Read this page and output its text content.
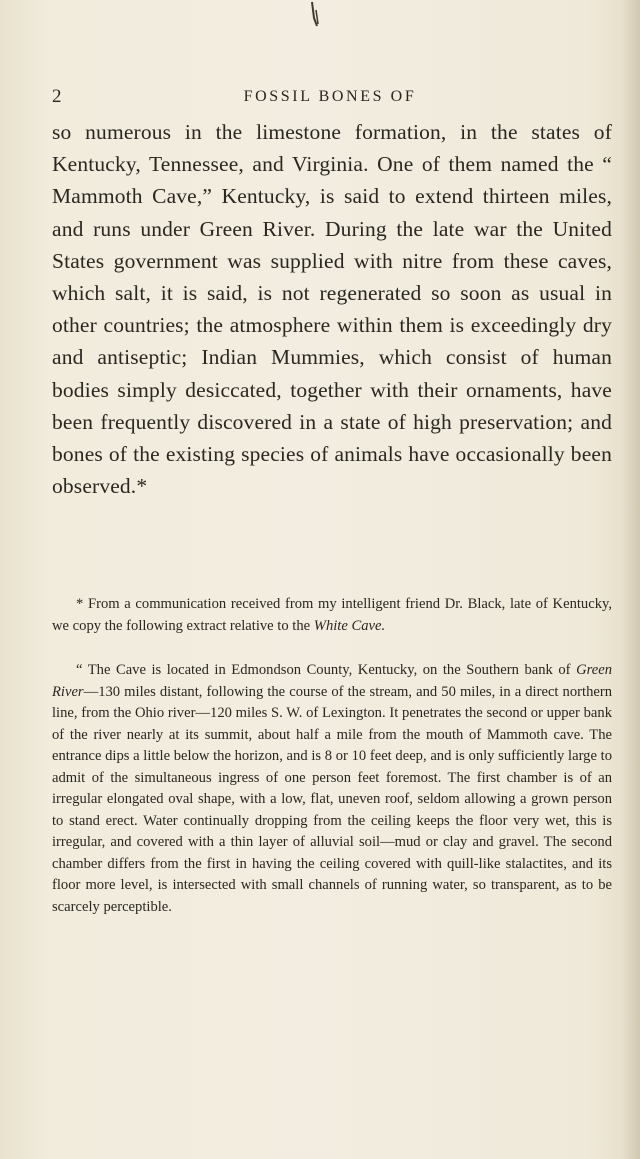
2	FOSSIL BONES OF

so numerous in the limestone formation, in the states of Kentucky, Tennessee, and Virginia. One of them named the “ Mammoth Cave,” Kentucky, is said to extend thirteen miles, and runs under Green River. During the late war the United States government was supplied with nitre from these caves, which salt, it is said, is not regenerated so soon as usual in other countries; the atmosphere within them is exceedingly dry and antiseptic; Indian Mummies, which consist of human bodies simply desiccated, together with their ornaments, have been frequently discovered in a state of high preservation; and bones of the existing species of animals have occasionally been observed.*

* From a communication received from my intelligent friend Dr. Black, late of Kentucky, we copy the following extract relative to the White Cave.

“ The Cave is located in Edmondson County, Kentucky, on the Southern bank of Green River—130 miles distant, following the course of the stream, and 50 miles, in a direct northern line, from the Ohio river—120 miles S. W. of Lexington. It penetrates the second or upper bank of the river nearly at its summit, about half a mile from the mouth of Mammoth cave. The entrance dips a little below the horizon, and is 8 or 10 feet deep, and is only sufficiently large to admit of the simultaneous ingress of one person feet foremost. The first chamber is of an irregular elongated oval shape, with a low, flat, uneven roof, seldom allowing a grown person to stand erect. Water continually dropping from the ceiling keeps the floor very wet, this is irregular, and covered with a thin layer of alluvial soil—mud or clay and gravel. The second chamber differs from the first in having the ceiling covered with quill-like stalactites, and its floor more level, is intersected with small channels of running water, so transparent, as to be scarcely perceptible.
